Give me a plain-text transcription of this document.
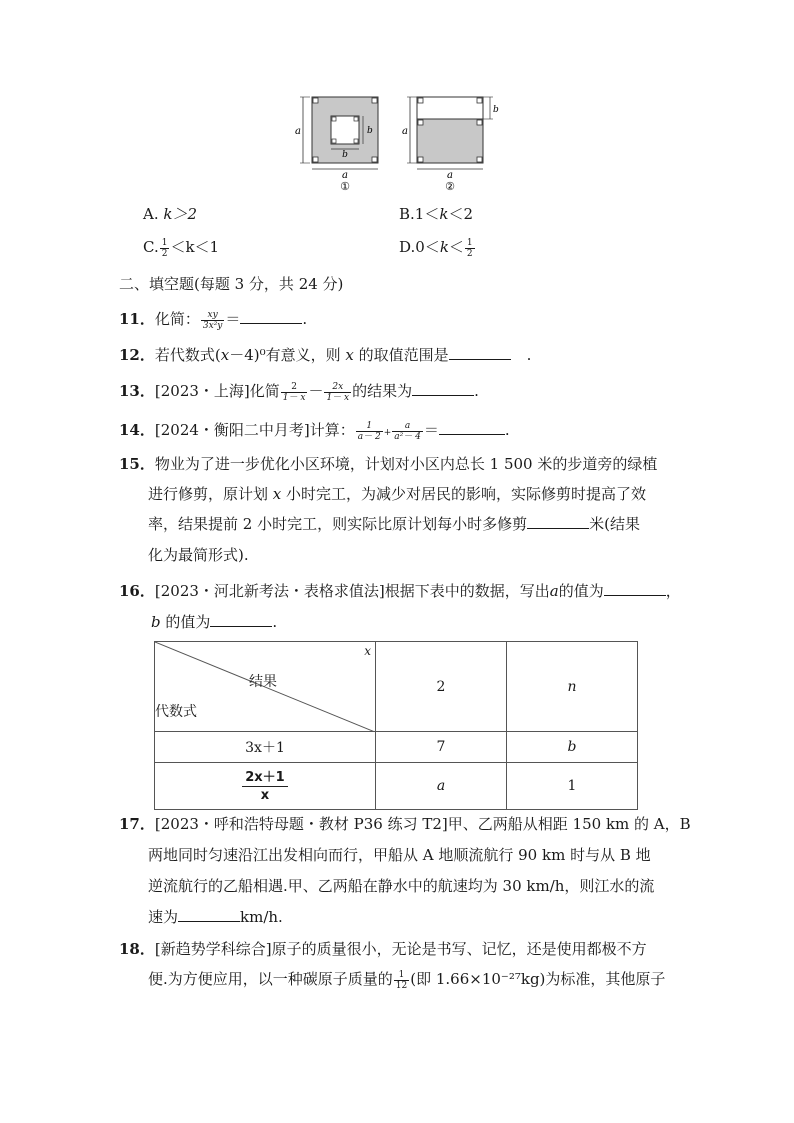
a
a
b
b
①
a
a
b
②
A. k＞2	B.1＜k＜2
C. $\frac{1}{2} <k<1$	$D.0<k< \frac{1}{2}$
二、填空题(每题 3 分，共 24 分)
11．化简： $\frac{xy}{\text{3x²y}}$ ＝	.
12．若代数式(x－4)⁰有意义，则 x 的取值范围是	.
13．[2023・上海]化简 $\frac{2}{1- x} - \frac{2x}{1- x}$ 的结果为	.
14．[2024・衡阳二中月考]计算： $\frac{1}{a- 2} + \frac{a}{\text{a²－ 4}}$ ＝	.
15．物业为了进一步优化小区环境，计划对小区内总长 1 500 米的步道旁的绿植
进行修剪，原计划 x 小时完工，为减少对居民的影响，实际修剪时提高了效
率，结果提前 2 小时完工，则实际比原计划每小时多修剪	米(结果
化为最简形式).
16．[2023・河北新考法・表格求值法]根据下表中的数据，写出a的值为	，
b 的值为	.
x
结果
代数式	2	n
3x＋1	7	b

$\frac{2x+1}{x}$	a	1
17．[2023・呼和浩特母题・教材 P36 练习 T2]甲、乙两船从相距 150 km 的 A，B
两地同时匀速沿江出发相向而行，甲船从 A 地顺流航行 90 km 时与从 B 地
逆流航行的乙船相遇.甲、乙两船在静水中的航速均为 30 km/h，则江水的流
速为	km/h.
18．[新趋势学科综合]原子的质量很小，无论是书写、记忆，还是使用都极不方
便.为方便应用，以一种碳原子质量的 $\frac{1}{12}$ (即 1.66×10⁻²⁷kg)为标准，其他原子
